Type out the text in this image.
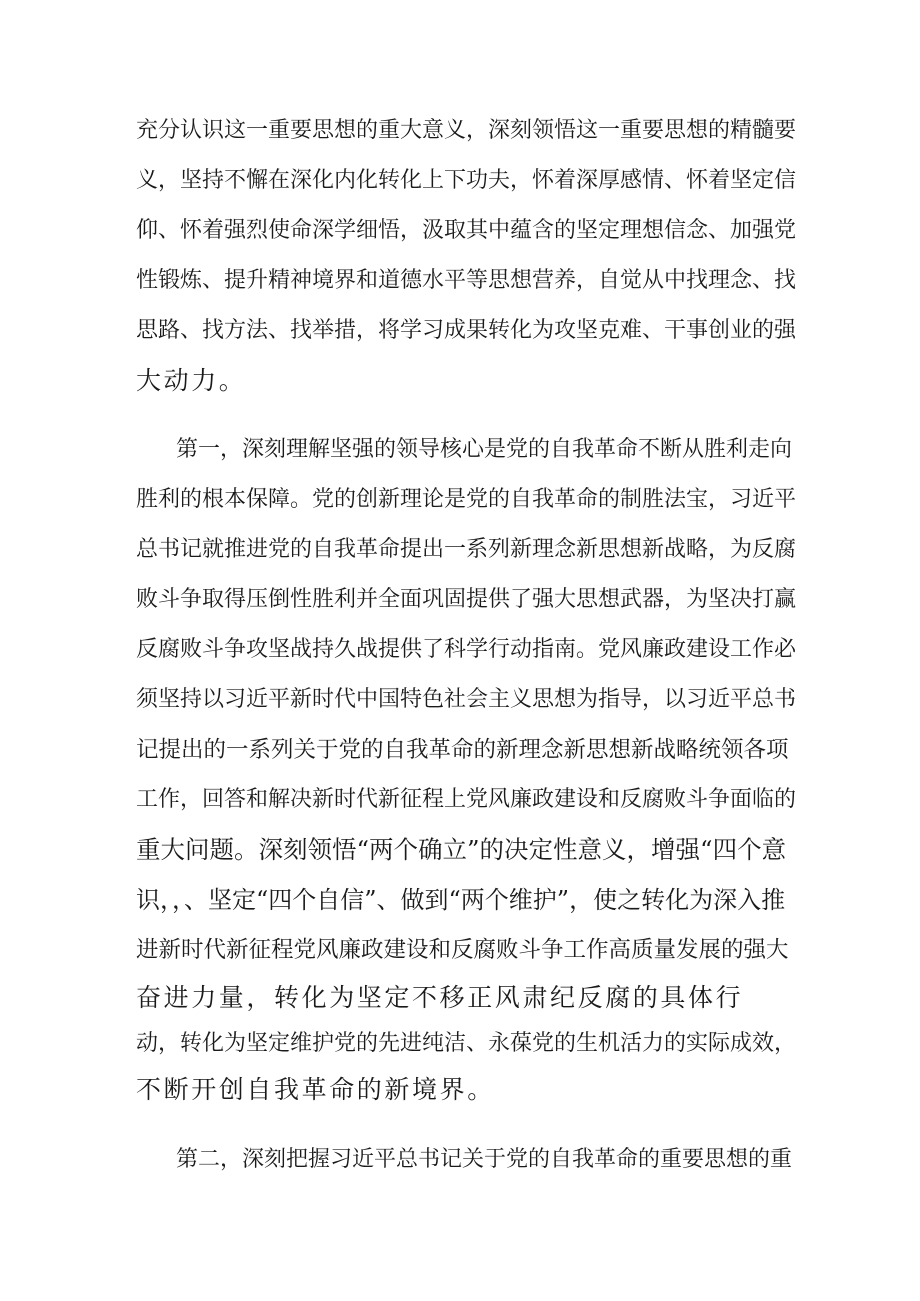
充分认识这一重要思想的重大意义，深刻领悟这一重要思想的精髓要
义，坚持不懈在深化内化转化上下功夫，怀着深厚感情、怀着坚定信
仰、怀着强烈使命深学细悟，汲取其中蕴含的坚定理想信念、加强党
性锻炼、提升精神境界和道德水平等思想营养，自觉从中找理念、找
思路、找方法、找举措，将学习成果转化为攻坚克难、干事创业的强
大动力。
第一，深刻理解坚强的领导核心是党的自我革命不断从胜利走向
胜利的根本保障。党的创新理论是党的自我革命的制胜法宝，习近平
总书记就推进党的自我革命提出一系列新理念新思想新战略，为反腐
败斗争取得压倒性胜利并全面巩固提供了强大思想武器，为坚决打赢
反腐败斗争攻坚战持久战提供了科学行动指南。党风廉政建设工作必
须坚持以习近平新时代中国特色社会主义思想为指导，以习近平总书
记提出的一系列关于党的自我革命的新理念新思想新战略统领各项
工作，回答和解决新时代新征程上党风廉政建设和反腐败斗争面临的
重大问题。深刻领悟“两个确立”的决定性意义，增强“四个意
识，，、坚定“四个自信”、做到“两个维护”，使之转化为深入推
进新时代新征程党风廉政建设和反腐败斗争工作高质量发展的强大
奋进力量，转化为坚定不移正风肃纪反腐的具体行
动，转化为坚定维护党的先进纯洁、永葆党的生机活力的实际成效，
不断开创自我革命的新境界。
第二，深刻把握习近平总书记关于党的自我革命的重要思想的重
